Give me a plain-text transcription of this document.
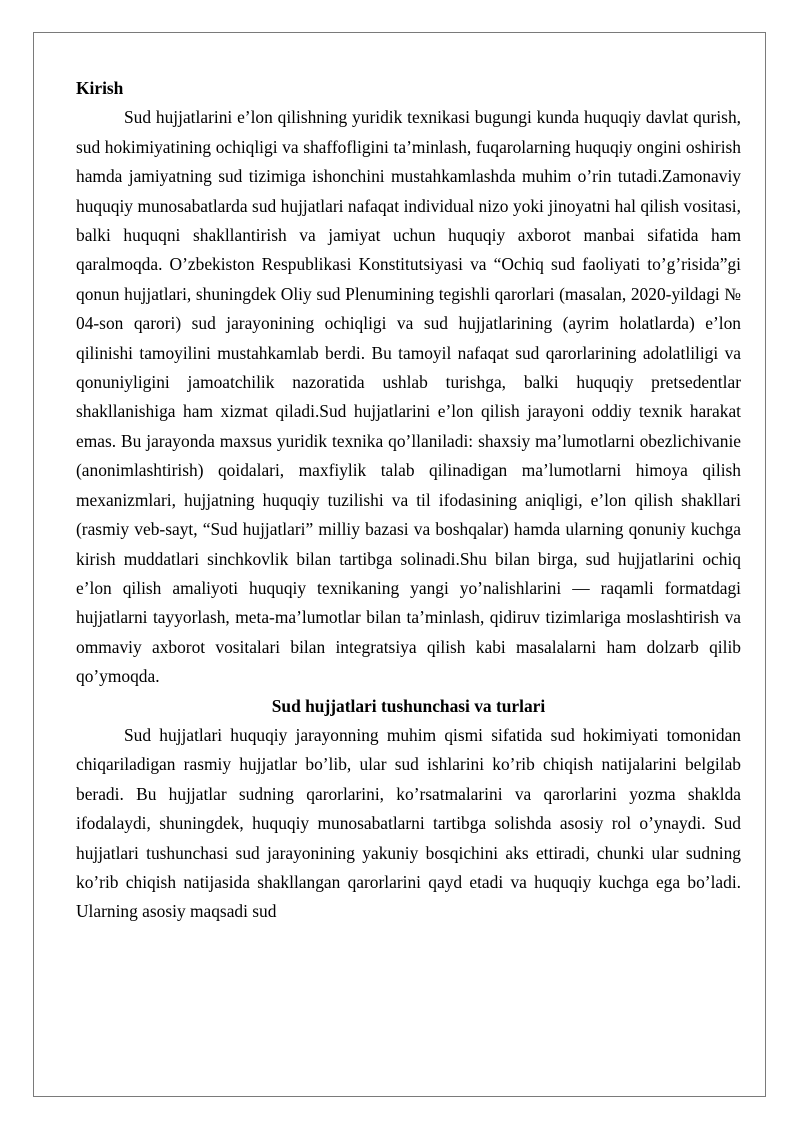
Kirish

Sud hujjatlarini e’lon qilishning yuridik texnikasi bugungi kunda huquqiy davlat qurish, sud hokimiyatining ochiqligi va shaffofligini ta’minlash, fuqarolarning huquqiy ongini oshirish hamda jamiyatning sud tizimiga ishonchini mustahkamlashda muhim o’rin tutadi.Zamonaviy huquqiy munosabatlarda sud hujjatlari nafaqat individual nizo yoki jinoyatni hal qilish vositasi, balki huquqni shakllantirish va jamiyat uchun huquqiy axborot manbai sifatida ham qaralmoqda. O’zbekiston Respublikasi Konstitutsiyasi va “Ochiq sud faoliyati to’g’risida”gi qonun hujjatlari, shuningdek Oliy sud Plenumining tegishli qarorlari (masalan, 2020-yildagi № 04-son qarori) sud jarayonining ochiqligi va sud hujjatlarining (ayrim holatlarda) e’lon qilinishi tamoyilini mustahkamlab berdi. Bu tamoyil nafaqat sud qarorlarining adolatliligi va qonuniyligini jamoatchilik nazoratida ushlab turishga, balki huquqiy pretsedentlar shakllanishiga ham xizmat qiladi.Sud hujjatlarini e’lon qilish jarayoni oddiy texnik harakat emas. Bu jarayonda maxsus yuridik texnika qo’llaniladi: shaxsiy ma’lumotlarni obezlichivanie (anonimlashtirish) qoidalari, maxfiylik talab qilinadigan ma’lumotlarni himoya qilish mexanizmlari, hujjatning huquqiy tuzilishi va til ifodasining aniqligi, e’lon qilish shakllari (rasmiy veb-sayt, “Sud hujjatlari” milliy bazasi va boshqalar) hamda ularning qonuniy kuchga kirish muddatlari sinchkovlik bilan tartibga solinadi.Shu bilan birga, sud hujjatlarini ochiq e’lon qilish amaliyoti huquqiy texnikaning yangi yo’nalishlarini — raqamli formatdagi hujjatlarni tayyorlash, meta-ma’lumotlar bilan ta’minlash, qidiruv tizimlariga moslashtirish va ommaviy axborot vositalari bilan integratsiya qilish kabi masalalarni ham dolzarb qilib qo’ymoqda.

Sud hujjatlari tushunchasi va turlari

Sud hujjatlari huquqiy jarayonning muhim qismi sifatida sud hokimiyati tomonidan chiqariladigan rasmiy hujjatlar bo’lib, ular sud ishlarini ko’rib chiqish natijalarini belgilab beradi. Bu hujjatlar sudning qarorlarini, ko’rsatmalarini va qarorlarini yozma shaklda ifodalaydi, shuningdek, huquqiy munosabatlarni tartibga solishda asosiy rol o’ynaydi. Sud hujjatlari tushunchasi sud jarayonining yakuniy bosqichini aks ettiradi, chunki ular sudning ko’rib chiqish natijasida shakllangan qarorlarini qayd etadi va huquqiy kuchga ega bo’ladi. Ularning asosiy maqsadi sud
